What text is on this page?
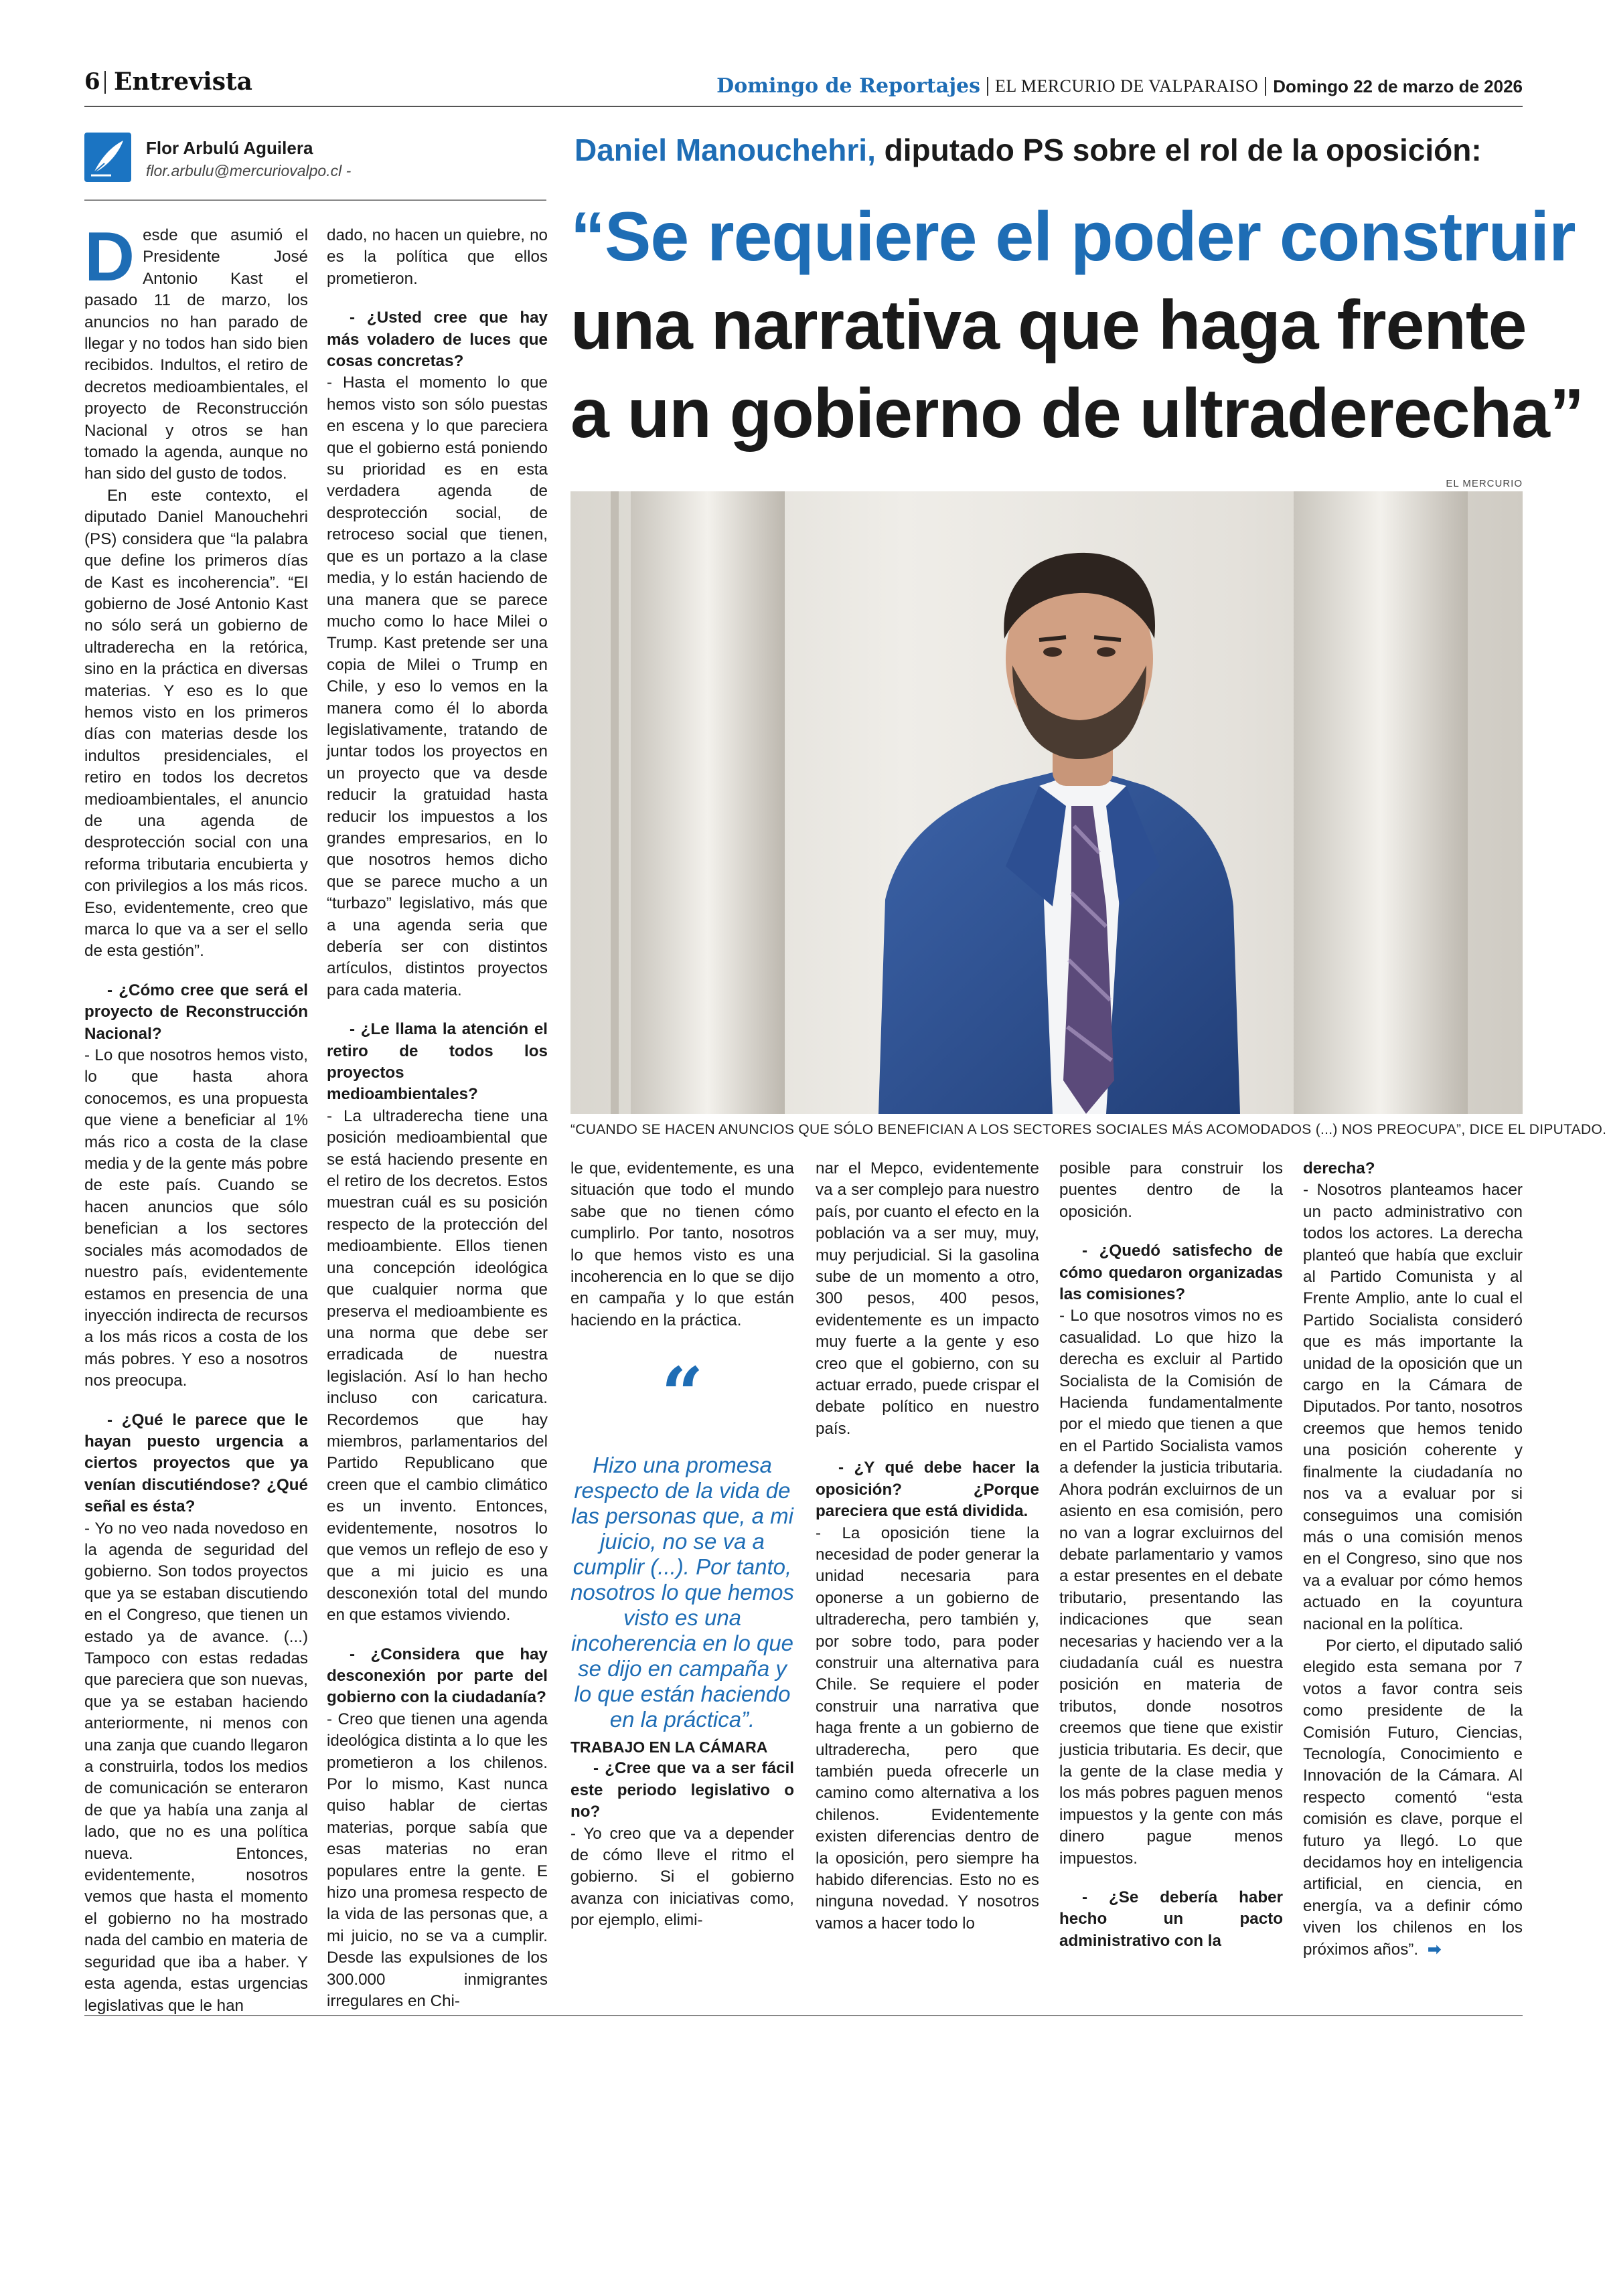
6 Entrevista	Domingo de Reportajes EL MERCURIO DE VALPARAISO Domingo 22 de marzo de 2026
Flor Arbulú Aguilera
flor.arbulu@mercuriovalpo.cl -
Daniel Manouchehri, diputado PS sobre el rol de la oposición:
“Se requiere el poder construir
una narrativa que haga frente
a un gobierno de ultraderecha”
EL MERCURIO
“CUANDO SE HACEN ANUNCIOS QUE SÓLO BENEFICIAN A LOS SECTORES SOCIALES MÁS ACOMODADOS (...) NOS PREOCUPA”, DICE EL DIPUTADO.

Desde que asumió el Presidente José Antonio Kast el pasado 11 de marzo, los anuncios no han parado de llegar y no todos han sido bien recibidos. Indultos, el retiro de decretos medioambientales, el proyecto de Reconstrucción Nacional y otros se han tomado la agenda, aunque no han sido del gusto de todos.

En este contexto, el diputado Daniel Manouchehri (PS) considera que “la palabra que define los primeros días de Kast es incoherencia”. “El gobierno de José Antonio Kast no sólo será un gobierno de ultraderecha en la retórica, sino en la práctica en diversas materias. Y eso es lo que hemos visto en los primeros días con materias desde los indultos presidenciales, el retiro en todos los decretos medioambientales, el anuncio de una agenda de desprotección social con una reforma tributaria encubierta y con privilegios a los más ricos. Eso, evidentemente, creo que marca lo que va a ser el sello de esta gestión”.

- ¿Cómo cree que será el proyecto de Reconstrucción Nacional?

- Lo que nosotros hemos visto, lo que hasta ahora conocemos, es una propuesta que viene a beneficiar al 1% más rico a costa de la clase media y de la gente más pobre de este país. Cuando se hacen anuncios que sólo benefician a los sectores sociales más acomodados de nuestro país, evidentemente estamos en presencia de una inyección indirecta de recursos a los más ricos a costa de los más pobres. Y eso a nosotros nos preocupa.

- ¿Qué le parece que le hayan puesto urgencia a ciertos proyectos que ya venían discutiéndose? ¿Qué señal es ésta?

- Yo no veo nada novedoso en la agenda de seguridad del gobierno. Son todos proyectos que ya se estaban discutiendo en el Congreso, que tienen un estado ya de avance. (...) Tampoco con estas redadas que pareciera que son nuevas, que ya se estaban haciendo anteriormente, ni menos con una zanja que cuando llegaron a construirla, todos los medios de comunicación se enteraron de que ya había una zanja al lado, que no es una política nueva. Entonces, evidentemente, nosotros vemos que hasta el momento el gobierno no ha mostrado nada del cambio en materia de seguridad que iba a haber. Y esta agenda, estas urgencias legislativas que le han

dado, no hacen un quiebre, no es la política que ellos prometieron.

- ¿Usted cree que hay más voladero de luces que cosas concretas?

- Hasta el momento lo que hemos visto son sólo puestas en escena y lo que pareciera que el gobierno está poniendo su prioridad es en esta verdadera agenda de desprotección social, de retroceso social que tienen, que es un portazo a la clase media, y lo están haciendo de una manera que se parece mucho como lo hace Milei o Trump. Kast pretende ser una copia de Milei o Trump en Chile, y eso lo vemos en la manera como él lo aborda legislativamente, tratando de juntar todos los proyectos en un proyecto que va desde reducir la gratuidad hasta reducir los impuestos a los grandes empresarios, en lo que nosotros hemos dicho que se parece mucho a un “turbazo” legislativo, más que a una agenda seria que debería ser con distintos artículos, distintos proyectos para cada materia.

- ¿Le llama la atención el retiro de todos los proyectos medioambientales?

- La ultraderecha tiene una posición medioambiental que se está haciendo presente en el retiro de los decretos. Estos muestran cuál es su posición respecto de la protección del medioambiente. Ellos tienen una concepción ideológica que cualquier norma que preserva el medioambiente es una norma que debe ser erradicada de nuestra legislación. Así lo han hecho incluso con caricatura. Recordemos que hay miembros, parlamentarios del Partido Republicano que creen que el cambio climático es un invento. Entonces, evidentemente, nosotros lo que vemos un reflejo de eso y que a mi juicio es una desconexión total del mundo en que estamos viviendo.

- ¿Considera que hay desconexión por parte del gobierno con la ciudadanía?

- Creo que tienen una agenda ideológica distinta a lo que les prometieron a los chilenos. Por lo mismo, Kast nunca quiso hablar de ciertas materias, porque sabía que esas materias no eran populares entre la gente. E hizo una promesa respecto de la vida de las personas que, a mi juicio, no se va a cumplir. Desde las expulsiones de los 300.000 inmigrantes irregulares en Chi-

le que, evidentemente, es una situación que todo el mundo sabe que no tienen cómo cumplirlo. Por tanto, nosotros lo que hemos visto es una incoherencia en lo que se dijo en campaña y lo que están haciendo en la práctica.

“

Hizo una promesa respecto de la vida de las personas que, a mi juicio, no se va a cumplir (...). Por tanto, nosotros lo que hemos visto es una incoherencia en lo que se dijo en campaña y lo que están haciendo en la práctica”.

TRABAJO EN LA CÁMARA

- ¿Cree que va a ser fácil este periodo legislativo o no?

- Yo creo que va a depender de cómo lleve el ritmo el gobierno. Si el gobierno avanza con iniciativas como, por ejemplo, elimi-

nar el Mepco, evidentemente va a ser complejo para nuestro país, por cuanto el efecto en la población va a ser muy, muy, muy perjudicial. Si la gasolina sube de un momento a otro, 300 pesos, 400 pesos, evidentemente es un impacto muy fuerte a la gente y eso creo que el gobierno, con su actuar errado, puede crispar el debate político en nuestro país.

- ¿Y qué debe hacer la oposición? ¿Porque pareciera que está dividida.

- La oposición tiene la necesidad de poder generar la unidad necesaria para oponerse a un gobierno de ultraderecha, pero también y, por sobre todo, para poder construir una alternativa para Chile. Se requiere el poder construir una narrativa que haga frente a un gobierno de ultraderecha, pero que también pueda ofrecerle un camino como alternativa a los chilenos. Evidentemente existen diferencias dentro de la oposición, pero siempre ha habido diferencias. Esto no es ninguna novedad. Y nosotros vamos a hacer todo lo

posible para construir los puentes dentro de la oposición.

- ¿Quedó satisfecho de cómo quedaron organizadas las comisiones?

- Lo que nosotros vimos no es casualidad. Lo que hizo la derecha es excluir al Partido Socialista de la Comisión de Hacienda fundamentalmente por el miedo que tienen a que en el Partido Socialista vamos a defender la justicia tributaria. Ahora podrán excluirnos de un asiento en esa comisión, pero no van a lograr excluirnos del debate parlamentario y vamos a estar presentes en el debate tributario, presentando las indicaciones que sean necesarias y haciendo ver a la ciudadanía cuál es nuestra posición en materia de tributos, donde nosotros creemos que tiene que existir justicia tributaria. Es decir, que la gente de la clase media y los más pobres paguen menos impuestos y la gente con más dinero pague menos impuestos.

- ¿Se debería haber hecho un pacto administrativo con la

derecha?

- Nosotros planteamos hacer un pacto administrativo con todos los actores. La derecha planteó que había que excluir al Partido Comunista y al Frente Amplio, ante lo cual el Partido Socialista consideró que es más importante la unidad de la oposición que un cargo en la Cámara de Diputados. Por tanto, nosotros creemos que hemos tenido una posición coherente y finalmente la ciudadanía no nos va a evaluar por si conseguimos una comisión más o una comisión menos en el Congreso, sino que nos va a evaluar por cómo hemos actuado en la coyuntura nacional en la política.

Por cierto, el diputado salió elegido esta semana por 7 votos a favor contra seis como presidente de la Comisión Futuro, Ciencias, Tecnología, Conocimiento e Innovación de la Cámara. Al respecto comentó “esta comisión es clave, porque el futuro ya llegó. Lo que decidamos hoy en inteligencia artificial, en ciencia, en energía, va a definir cómo viven los chilenos en los próximos años”. ➡
